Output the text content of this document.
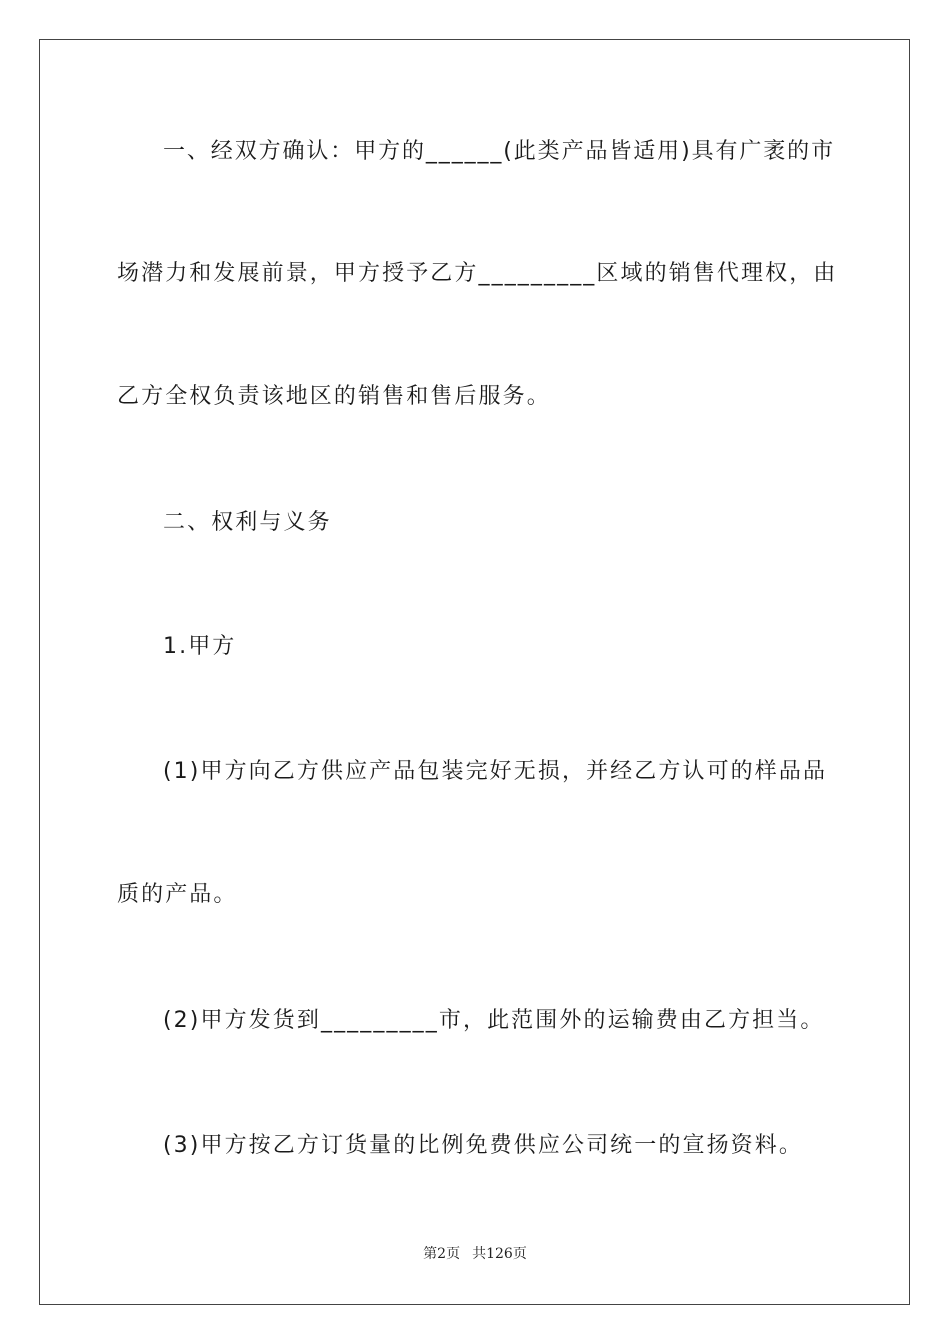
一、经双方确认：甲方的______(此类产品皆适用)具有广袤的市

场潜力和发展前景，甲方授予乙方_________区域的销售代理权，由

乙方全权负责该地区的销售和售后服务。

二、权利与义务

1.甲方

(1)甲方向乙方供应产品包装完好无损，并经乙方认可的样品品

质的产品。

(2)甲方发货到_________市，此范围外的运输费由乙方担当。

(3)甲方按乙方订货量的比例免费供应公司统一的宣扬资料。

第2页 共126页
